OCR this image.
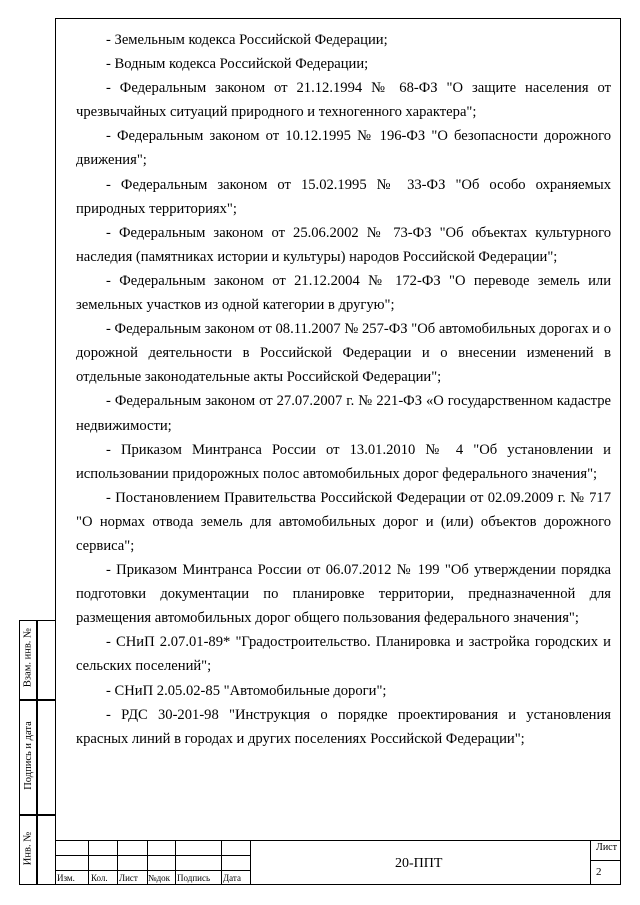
- Земельным кодекса Российской Федерации;

- Водным кодекса Российской Федерации;

- Федеральным законом от 21.12.1994 № 68-ФЗ "О защите населения от чрезвычайных ситуаций природного и техногенного характера";

- Федеральным законом от 10.12.1995 № 196-ФЗ "О безопасности дорожного движения";

- Федеральным законом от 15.02.1995 № 33-ФЗ "Об особо охраняемых природных территориях";

- Федеральным законом от 25.06.2002 № 73-ФЗ "Об объектах культурного наследия (памятниках истории и культуры) народов Российской Федерации";

- Федеральным законом от 21.12.2004 № 172-ФЗ "О переводе земель или земельных участков из одной категории в другую";

- Федеральным законом от 08.11.2007 № 257-ФЗ "Об автомобильных дорогах и о дорожной деятельности в Российской Федерации и о внесении изменений в отдельные законодательные акты Российской Федерации";

- Федеральным законом от 27.07.2007 г. № 221-ФЗ «О государственном кадастре недвижимости;

- Приказом Минтранса России от 13.01.2010 № 4 "Об установлении и использовании придорожных полос автомобильных дорог федерального значения";

- Постановлением Правительства Российской Федерации от 02.09.2009 г. № 717 "О нормах отвода земель для автомобильных дорог и (или) объектов дорожного сервиса";

- Приказом Минтранса России от 06.07.2012 № 199 "Об утверждении порядка подготовки документации по планировке территории, предназначенной для размещения автомобильных дорог общего пользования федерального значения";

- СНиП 2.07.01-89* "Градостроительство. Планировка и застройка городских и сельских поселений";

- СНиП 2.05.02-85 "Автомобильные дороги";

- РДС 30-201-98 "Инструкция о порядке проектирования и установления красных линий в городах и других поселениях Российской Федерации";

Взам. инв. №
Подпись и дата
Инв. №
Изм. Кол. Лист №док Подпись Дата
20-ППТ
Лист
2
